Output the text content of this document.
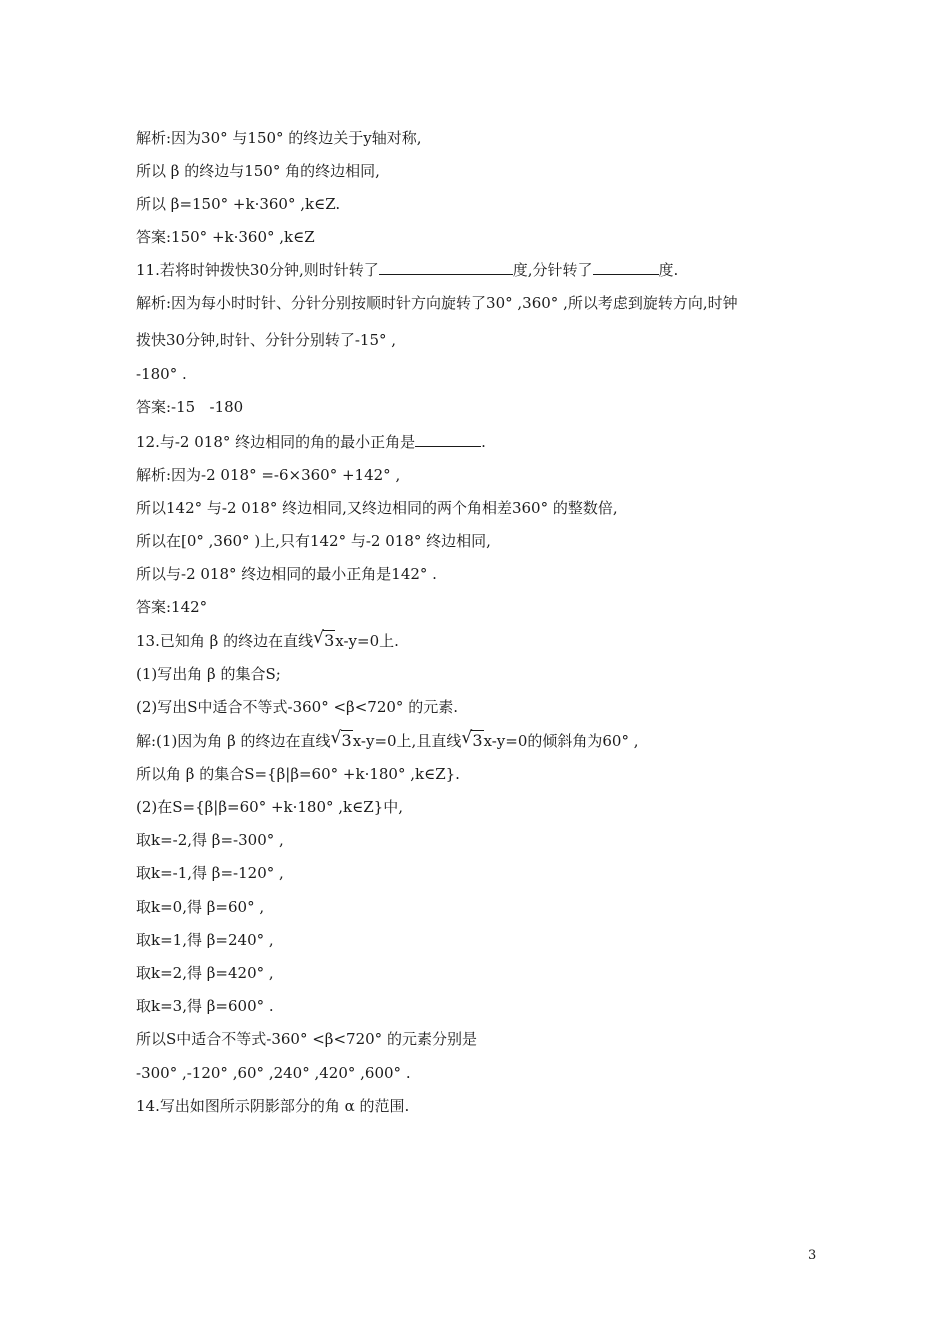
解析:因为30° 与150° 的终边关于y轴对称,
所以 β 的终边与150° 角的终边相同,
所以 β=150° +k·360° ,k∈Z.
答案:150° +k·360° ,k∈Z
11.若将时钟拨快30分钟,则时针转了	度,分针转了	度.
解析:因为每小时时针、分针分别按顺时针方向旋转了30° ,360° ,所以考虑到旋转方向,时钟
拨快30分钟,时针、分针分别转了-15° ,
-180° .
答案:-15   -180
12.与-2 018° 终边相同的角的最小正角是	.
解析:因为-2 018° =-6×360° +142° ,
所以142° 与-2 018° 终边相同,又终边相同的两个角相差360° 的整数倍,
所以在[0° ,360° )上,只有142° 与-2 018° 终边相同,
所以与-2 018° 终边相同的最小正角是142° .
答案:142°
13.已知角 β 的终边在直线 √ 3x-y=0上.
(1)写出角 β 的集合S;
(2)写出S中适合不等式-360° <β<720° 的元素.
解:(1)因为角 β 的终边在直线 √ 3x-y=0上,且直线 √ 3x-y=0的倾斜角为60° ,
所以角 β 的集合S={β|β=60° +k·180° ,k∈Z}.
(2)在S={β|β=60° +k·180° ,k∈Z}中,
取k=-2,得 β=-300° ,
取k=-1,得 β=-120° ,
取k=0,得 β=60° ,
取k=1,得 β=240° ,
取k=2,得 β=420° ,
取k=3,得 β=600° .
所以S中适合不等式-360° <β<720° 的元素分别是
-300° ,-120° ,60° ,240° ,420° ,600° .
14.写出如图所示阴影部分的角 α 的范围.
3
